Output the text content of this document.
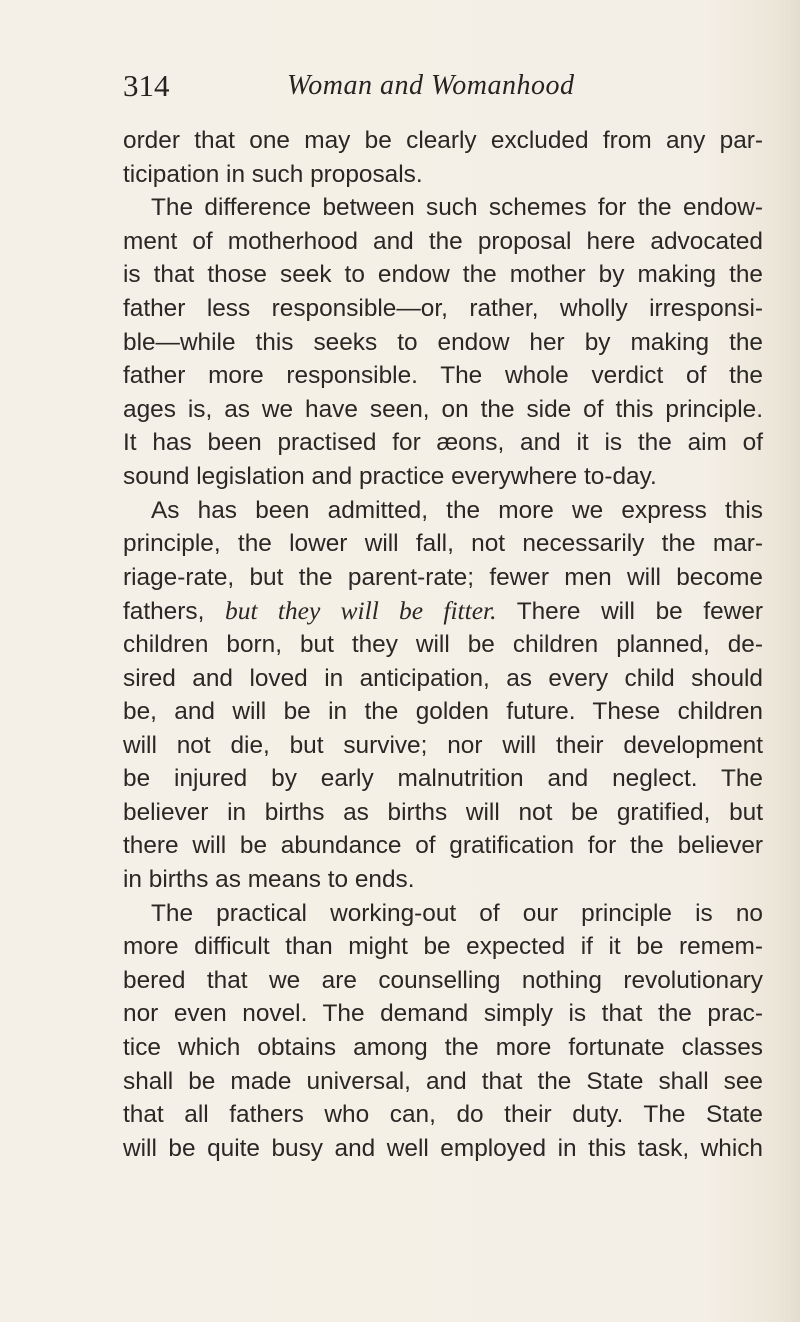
314	Woman and Womanhood
order that one may be clearly excluded from any par-
ticipation in such proposals.
The difference between such schemes for the endow-
ment of motherhood and the proposal here advocated
is that those seek to endow the mother by making the
father less responsible—or, rather, wholly irresponsi-
ble—while this seeks to endow her by making the
father more responsible. The whole verdict of the
ages is, as we have seen, on the side of this principle.
It has been practised for æons, and it is the aim of
sound legislation and practice everywhere to-day.
As has been admitted, the more we express this
principle, the lower will fall, not necessarily the mar-
riage-rate, but the parent-rate; fewer men will become
fathers, but they will be fitter. There will be fewer
children born, but they will be children planned, de-
sired and loved in anticipation, as every child should
be, and will be in the golden future. These children
will not die, but survive; nor will their development
be injured by early malnutrition and neglect. The
believer in births as births will not be gratified, but
there will be abundance of gratification for the believer
in births as means to ends.
The practical working-out of our principle is no
more difficult than might be expected if it be remem-
bered that we are counselling nothing revolutionary
nor even novel. The demand simply is that the prac-
tice which obtains among the more fortunate classes
shall be made universal, and that the State shall see
that all fathers who can, do their duty. The State
will be quite busy and well employed in this task, which
